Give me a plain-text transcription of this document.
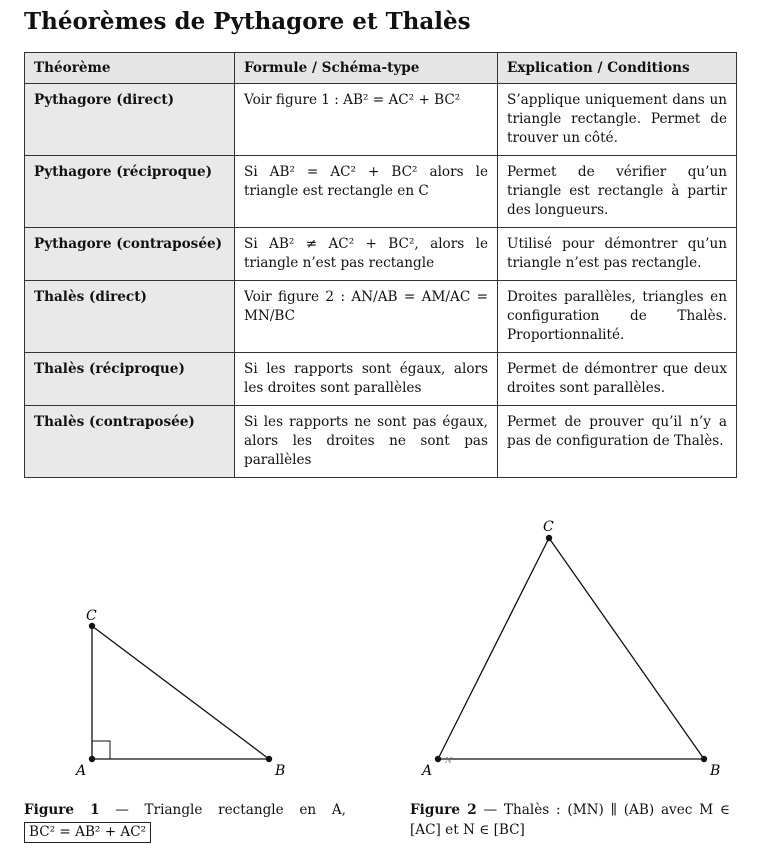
Théorèmes de Pythagore et Thalès
Théorème	Formule / Schéma-type	Explication / Conditions
Pythagore (direct)	Voir figure 1 : AB² = AC² + BC²	S’applique uniquement dans un triangle rectangle. Permet de trouver un côté.
Pythagore (réciproque)	Si AB² = AC² + BC² alors le triangle est rectangle en C	Permet de vérifier qu’un triangle est rectangle à partir des longueurs.
Pythagore (contraposée)	Si AB² ≠ AC² + BC², alors le triangle n’est pas rectangle	Utilisé pour démontrer qu’un triangle n’est pas rectangle.
Thalès (direct)	Voir figure 2 : AN/AB = AM/AC = MN/BC	Droites parallèles, triangles en configuration de Thalès. Proportionnalité.
Thalès (réciproque)	Si les rapports sont égaux, alors les droites sont parallèles	Permet de démontrer que deux droites sont parallèles.
Thalès (contraposée)	Si les rapports ne sont pas égaux, alors les droites ne sont pas parallèles	Permet de prouver qu’il n’y a pas de configuration de Thalès.
C
A	B
C
A	B
N
Figure 1 — Triangle rectangle en A,
BC² = AB² + AC²
Figure 2 — Thalès : (MN) ∥ (AB) avec M ∈ [AC] et N ∈ [BC]
